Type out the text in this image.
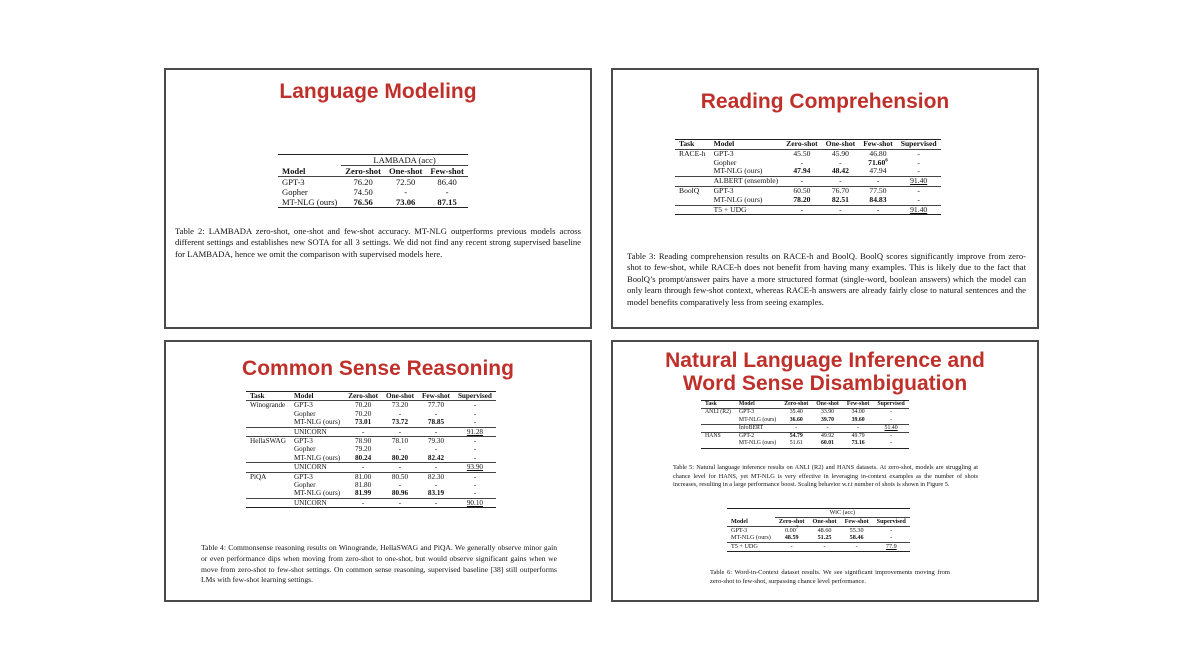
Language Modeling
	LAMBADA (acc)		
Model	Zero-shot	One-shot	Few-shot
GPT-3	76.20	72.50	86.40
Gopher	74.50	-	-
MT-NLG (ours)	76.56	73.06	87.15
Table 2: LAMBADA zero-shot, one-shot and few-shot accuracy. MT-NLG outperforms previous models across different settings and establishes new SOTA for all 3 settings. We did not find any recent strong supervised baseline for LAMBADA, hence we omit the comparison with supervised models here.
Reading Comprehension
Task	Model	Zero-shot	One-shot	Few-shot	Supervised
RACE-h	GPT-3	45.50	45.90	46.80	-
	Gopher	-	-	71.60$^6$	-
	MT-NLG (ours)	47.94	48.42	47.94	-
	ALBERT (ensemble)	-	-	-	91.40
BoolQ	GPT-3	60.50	76.70	77.50	-
	MT-NLG (ours)	78.20	82.51	84.83	-
	T5 + UDG	-	-	-	91.40
Table 3: Reading comprehension results on RACE-h and BoolQ. BoolQ scores significantly improve from zero-shot to few-shot, while RACE-h does not benefit from having many examples. This is likely due to the fact that BoolQ’s prompt/answer pairs have a more structured format (single-word, boolean answers) which the model can only learn through few-shot context, whereas RACE-h answers are already fairly close to natural sentences and the model benefits comparatively less from seeing examples.
Common Sense Reasoning
Task	Model	Zero-shot	One-shot	Few-shot	Supervised
Winogrande	GPT-3	70.20	73.20	77.70	-
	Gopher	70.20	-	-	-
	MT-NLG (ours)	73.01	73.72	78.85	-
	UNICORN	-	-	-	91.28
HellaSWAG	GPT-3	78.90	78.10	79.30	-
	Gopher	79.20	-	-	-
	MT-NLG (ours)	80.24	80.20	82.42	-
	UNICORN	-	-	-	93.90
PiQA	GPT-3	81.00	80.50	82.30	-
	Gopher	81.80	-	-	-
	MT-NLG (ours)	81.99	80.96	83.19	-
	UNICORN	-	-	-	90.10
Table 4: Commonsense reasoning results on Winogrande, HellaSWAG and PiQA. We generally observe minor gain or even performance dips when moving from zero-shot to one-shot, but would observe significant gains when we move from zero-shot to few-shot settings. On common sense reasoning, supervised baseline [38] still outperforms LMs with few-shot learning settings.
Natural Language Inference and
Word Sense Disambiguation
Task	Model	Zero-shot	One-shot	Few-shot	Supervised
ANLI (R2)	GPT-3	35.40	33.90	34.00	-
	MT-NLG (ours)	36.60	39.70	39.60	-
	InfoBERT	-	-	-	51.40
HANS	GPT-2	54.79	49.92	49.79	-
	MT-NLG (ours)	51.61	60.01	73.16	-
Table 5: Natural language inference results on ANLI (R2) and HANS datasets. At zero-shot, models are struggling at chance level for HANS, yet MT-NLG is very effective in leveraging in-context examples as the number of shots increases, resulting in a large performance boost. Scaling behavior w.r.t number of shots is shown in Figure 5.
	WiC (acc)			
Model	Zero-shot	One-shot	Few-shot	Supervised
GPT-3	0.00$^7$	48.60	55.30	-
MT-NLG (ours)	48.59	51.25	58.46	-
T5 + UDG	-	-	-	77.9
Table 6: Word-in-Context dataset results. We see significant improvements moving from zero-shot to few-shot, surpassing chance level performance.
